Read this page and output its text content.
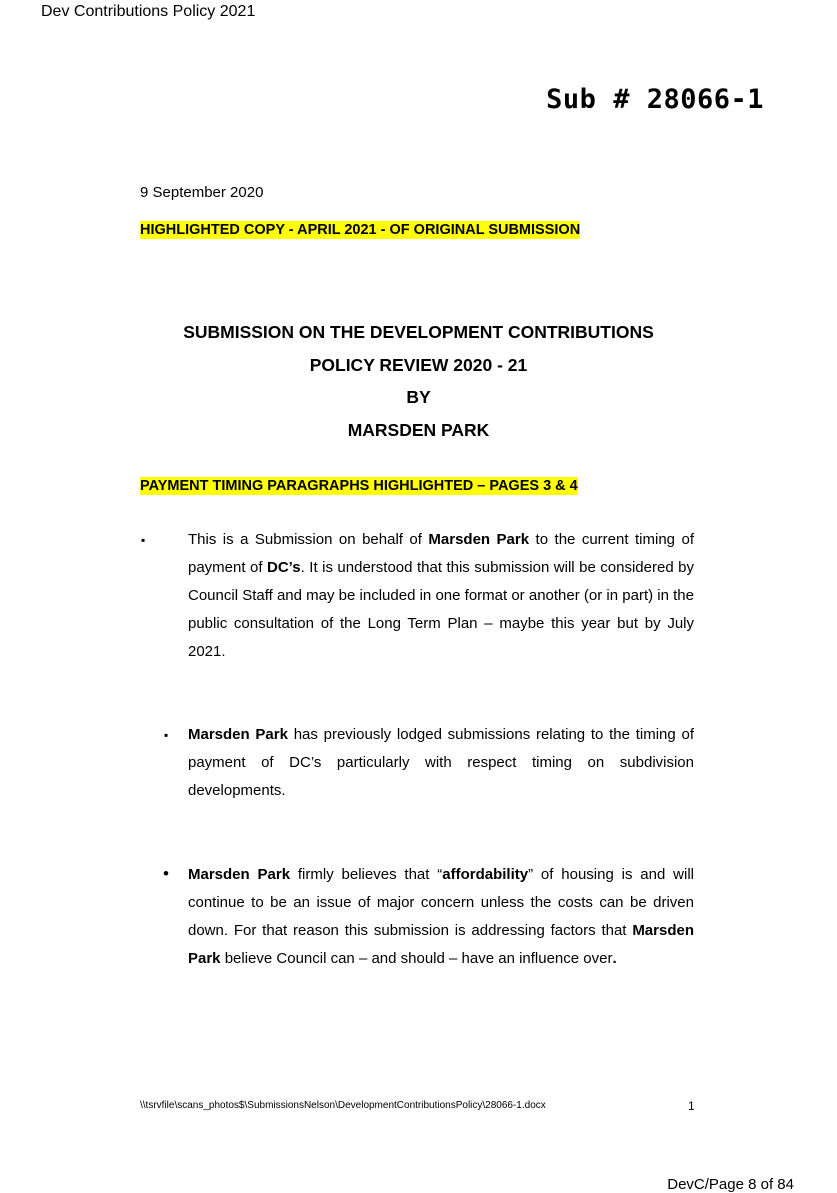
Dev Contributions Policy 2021
Sub # 28066-1
9 September 2020
HIGHLIGHTED COPY - APRIL 2021 - OF ORIGINAL SUBMISSION
SUBMISSION ON THE DEVELOPMENT CONTRIBUTIONS
POLICY REVIEW 2020 - 21
BY
MARSDEN PARK
PAYMENT TIMING PARAGRAPHS HIGHLIGHTED – PAGES 3 & 4
▪	This is a Submission on behalf of Marsden Park to the current timing of payment of DC’s. It is understood that this submission will be considered by Council Staff and may be included in one format or another (or in part) in the public consultation of the Long Term Plan – maybe this year but by July 2021.
▪ Marsden Park has previously lodged submissions relating to the timing of payment of DC’s particularly with respect timing on subdivision developments.
• Marsden Park firmly believes that “affordability” of housing is and will continue to be an issue of major concern unless the costs can be driven down. For that reason this submission is addressing factors that Marsden Park believe Council can – and should – have an influence over.
\\tsrvfile\scans_photos$\SubmissionsNelson\DevelopmentContributionsPolicy\28066-1.docx	1
DevC/Page 8 of 84
